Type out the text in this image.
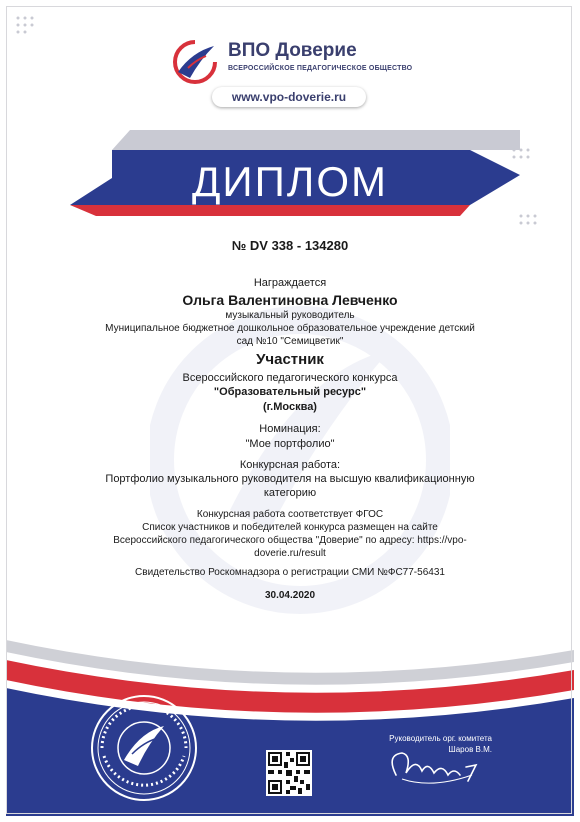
ВПО Доверие
ВСЕРОССИЙСКОЕ ПЕДАГОГИЧЕСКОЕ ОБЩЕСТВО
www.vpo-doverie.ru
ДИПЛОМ
№ DV 338 - 134280
Награждается
Ольга Валентиновна Левченко
музыкальный руководитель
Муниципальное бюджетное дошкольное образовательное учреждение детский
сад №10 "Семицветик"
Участник
Всероссийского педагогического конкурса
"Образовательный ресурс"
(г.Москва)
Номинация:
"Мое портфолио"
Конкурсная работа:
Портфолио музыкального руководителя на высшую квалификационную
категорию
Конкурсная работа соответствует ФГОС
Список участников и победителей конкурса размещен на сайте
Всероссийского педагогического общества "Доверие" по адресу: https://vpo-
doverie.ru/result
Свидетельство Роскомнадзора о регистрации СМИ №ФС77-56431
30.04.2020
Руководитель орг. комитета
Шаров В.М.
